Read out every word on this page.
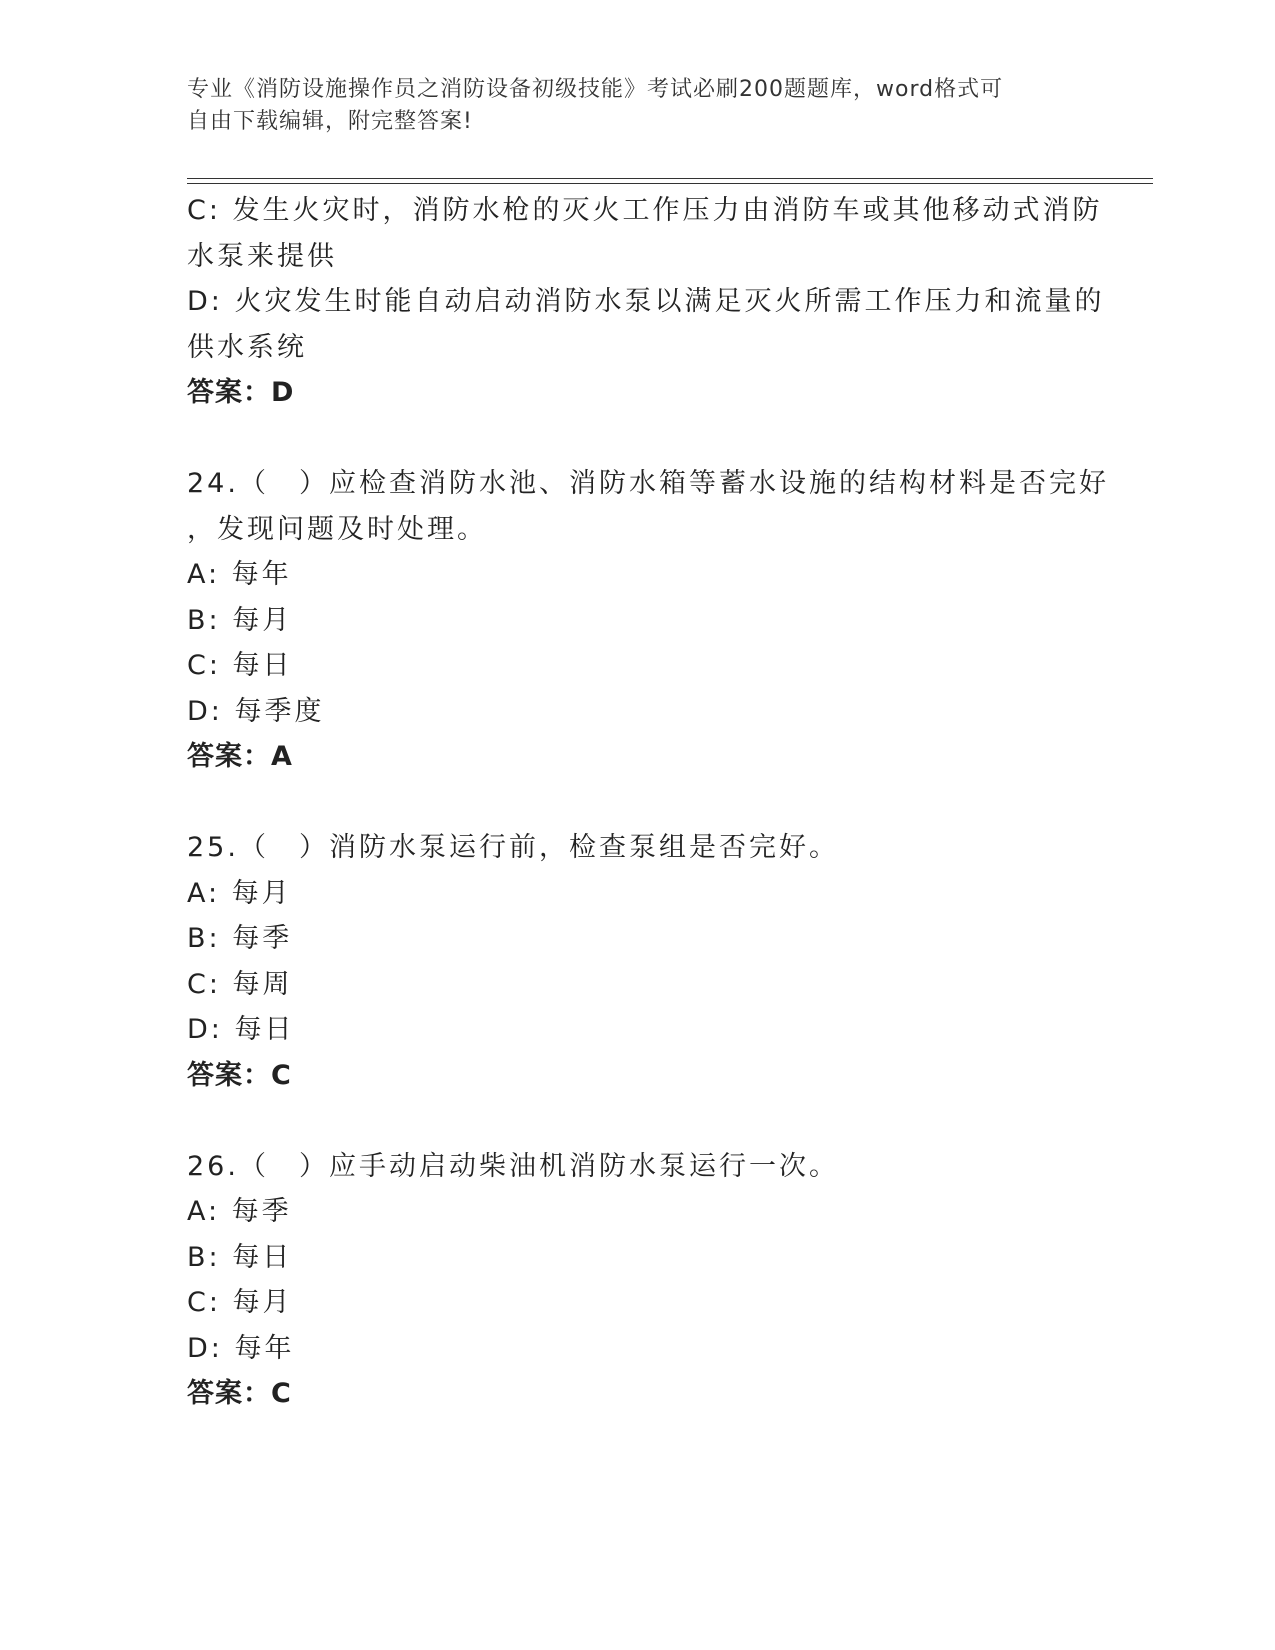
专业《消防设施操作员之消防设备初级技能》考试必刷200题题库，word格式可
自由下载编辑，附完整答案!
C: 发生火灾时，消防水枪的灭火工作压力由消防车或其他移动式消防
水泵来提供
D: 火灾发生时能自动启动消防水泵以满足灭火所需工作压力和流量的
供水系统
答案：D
24.（　）应检查消防水池、消防水箱等蓄水设施的结构材料是否完好
，发现问题及时处理。
A: 每年
B: 每月
C: 每日
D: 每季度
答案：A
25.（　）消防水泵运行前，检查泵组是否完好。
A: 每月
B: 每季
C: 每周
D: 每日
答案：C
26.（　）应手动启动柴油机消防水泵运行一次。
A: 每季
B: 每日
C: 每月
D: 每年
答案：C
